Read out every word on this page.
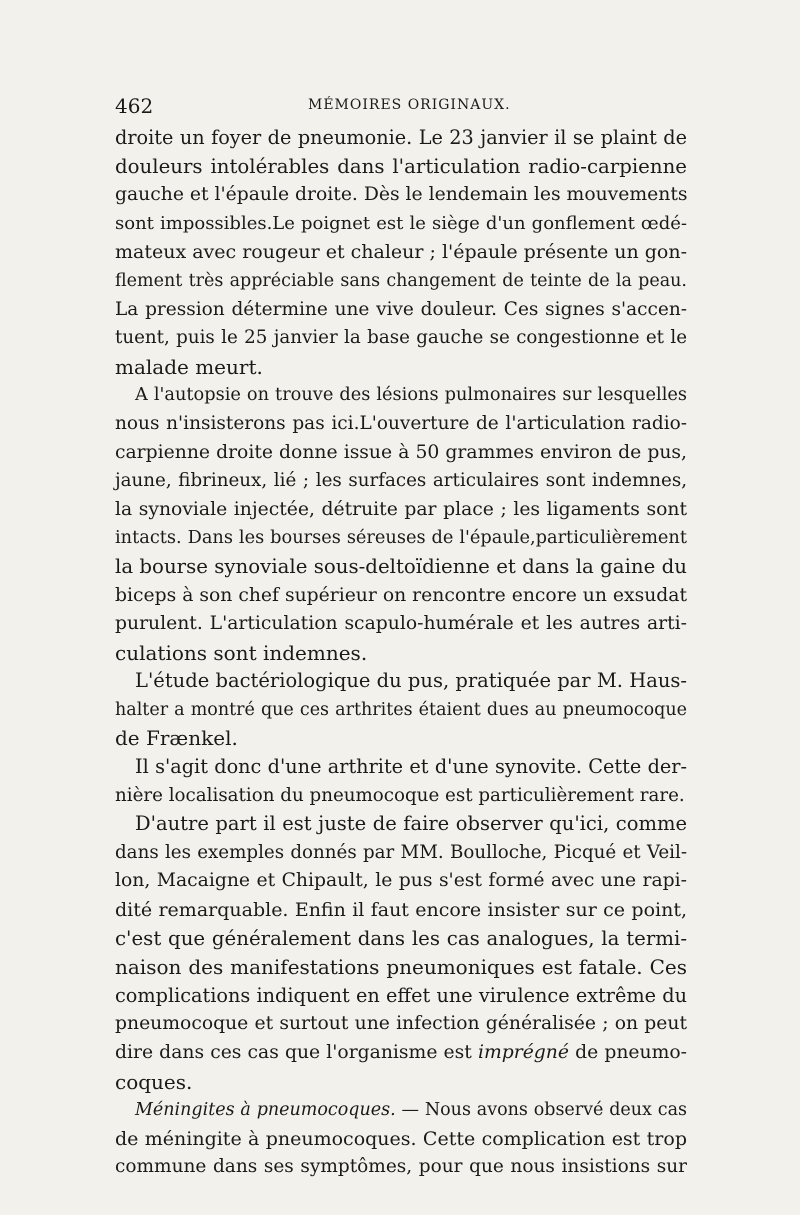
462	MÉMOIRES ORIGINAUX.
droite un foyer de pneumonie. Le 23 janvier il se plaint de
douleurs intolérables dans l'articulation radio-carpienne
gauche et l'épaule droite. Dès le lendemain les mouvements
sont impossibles.Le poignet est le siège d'un gonflement œdé-
mateux avec rougeur et chaleur ; l'épaule présente un gon-
flement très appréciable sans changement de teinte de la peau.
La pression détermine une vive douleur. Ces signes s'accen-
tuent, puis le 25 janvier la base gauche se congestionne et le
malade meurt.
A l'autopsie on trouve des lésions pulmonaires sur lesquelles
nous n'insisterons pas ici.L'ouverture de l'articulation radio-
carpienne droite donne issue à 50 grammes environ de pus,
jaune, fibrineux, lié ; les surfaces articulaires sont indemnes,
la synoviale injectée, détruite par place ; les ligaments sont
intacts. Dans les bourses séreuses de l'épaule,particulièrement
la bourse synoviale sous-deltoïdienne et dans la gaine du
biceps à son chef supérieur on rencontre encore un exsudat
purulent. L'articulation scapulo-humérale et les autres arti-
culations sont indemnes.
L'étude bactériologique du pus, pratiquée par M. Haus-
halter a montré que ces arthrites étaient dues au pneumocoque
de Frænkel.
Il s'agit donc d'une arthrite et d'une synovite. Cette der-
nière localisation du pneumocoque est particulièrement rare.
D'autre part il est juste de faire observer qu'ici, comme
dans les exemples donnés par MM. Boulloche, Picqué et Veil-
lon, Macaigne et Chipault, le pus s'est formé avec une rapi-
dité remarquable. Enfin il faut encore insister sur ce point,
c'est que généralement dans les cas analogues, la termi-
naison des manifestations pneumoniques est fatale. Ces
complications indiquent en effet une virulence extrême du
pneumocoque et surtout une infection généralisée ; on peut
dire dans ces cas que l'organisme est imprégné de pneumo-
coques.
Méningites à pneumocoques. — Nous avons observé deux cas
de méningite à pneumocoques. Cette complication est trop
commune dans ses symptômes, pour que nous insistions sur
